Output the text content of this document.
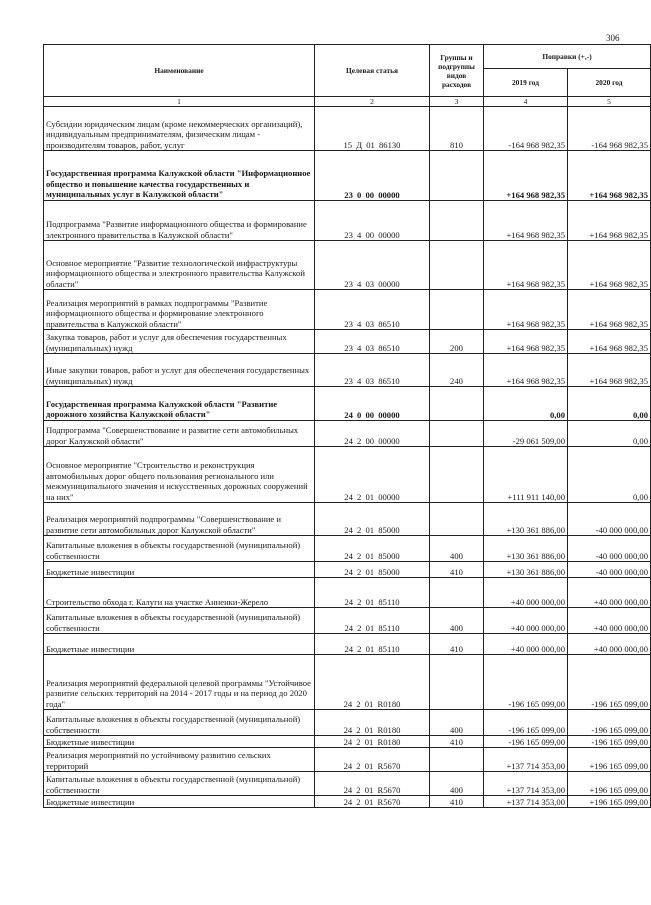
306
Наименование	Целевая статья	Группы и подгруппы видов расходов	Поправки (+,-)	
			2019 год	2020 год
1	2	3	4	5
Субсидии юридическим лицам (кроме некоммерческих организаций), индивидуальным предпринимателям, физическим лицам - производителям товаров, работ, услуг	15 Д 01 86130	810	-164 968 982,35	-164 968 982,35
Государственная программа Калужской области "Информационное общество и повышение качества государственных и муниципальных услуг в Калужской области"	23 0 00 00000		+164 968 982,35	+164 968 982,35
Подпрограмма "Развитие информационного общества и формирование электронного правительства в Калужской области"	23 4 00 00000		+164 968 982,35	+164 968 982,35
Основное мероприятие "Развитие технологической инфраструктуры информационного общества и электронного правительства Калужской области"	23 4 03 00000		+164 968 982,35	+164 968 982,35
Реализация мероприятий в рамках подпрограммы "Развитие информационного общества и формирование электронного правительства в Калужской области"	23 4 03 86510		+164 968 982,35	+164 968 982,35
Закупка товаров, работ и услуг для обеспечения государственных (муниципальных) нужд	23 4 03 86510	200	+164 968 982,35	+164 968 982,35
Иные закупки товаров, работ и услуг для обеспечения государственных (муниципальных) нужд	23 4 03 86510	240	+164 968 982,35	+164 968 982,35
Государственная программа Калужской области "Развитие дорожного хозяйства Калужской области"	24 0 00 00000		0,00	0,00
Подпрограмма "Совершенствование и развитие сети автомобильных дорог Калужской области"	24 2 00 00000		-29 061 509,00	0,00
Основное мероприятие "Строительство и реконструкция автомобильных дорог общего пользования регионального или межмуниципального значения и искусственных дорожных сооружений на них"	24 2 01 00000		+111 911 140,00	0,00
Реализация мероприятий подпрограммы "Совершенствование и развитие сети автомобильных дорог Калужской области"	24 2 01 85000		+130 361 886,00	-40 000 000,00
Капитальные вложения в объекты государственной (муниципальной) собственности	24 2 01 85000	400	+130 361 886,00	-40 000 000,00
Бюджетные инвестиции	24 2 01 85000	410	+130 361 886,00	-40 000 000,00
Строительство обхода г. Калуги на участке Анненки-Жерело	24 2 01 85110		+40 000 000,00	+40 000 000,00
Капитальные вложения в объекты государственной (муниципальной) собственности	24 2 01 85110	400	+40 000 000,00	+40 000 000,00
Бюджетные инвестиции	24 2 01 85110	410	+40 000 000,00	+40 000 000,00
Реализация мероприятий федеральной целевой программы "Устойчивое развитие сельских территорий на 2014 - 2017 годы и на период до 2020 года"	24 2 01 R0180		-196 165 099,00	-196 165 099,00
Капитальные вложения в объекты государственной (муниципальной) собственности	24 2 01 R0180	400	-196 165 099,00	-196 165 099,00
Бюджетные инвестиции	24 2 01 R0180	410	-196 165 099,00	-196 165 099,00
Реализация мероприятий по устойчивому развитию сельских территорий	24 2 01 R5670		+137 714 353,00	+196 165 099,00
Капитальные вложения в объекты государственной (муниципальной) собственности	24 2 01 R5670	400	+137 714 353,00	+196 165 099,00
Бюджетные инвестиции	24 2 01 R5670	410	+137 714 353,00	+196 165 099,00
